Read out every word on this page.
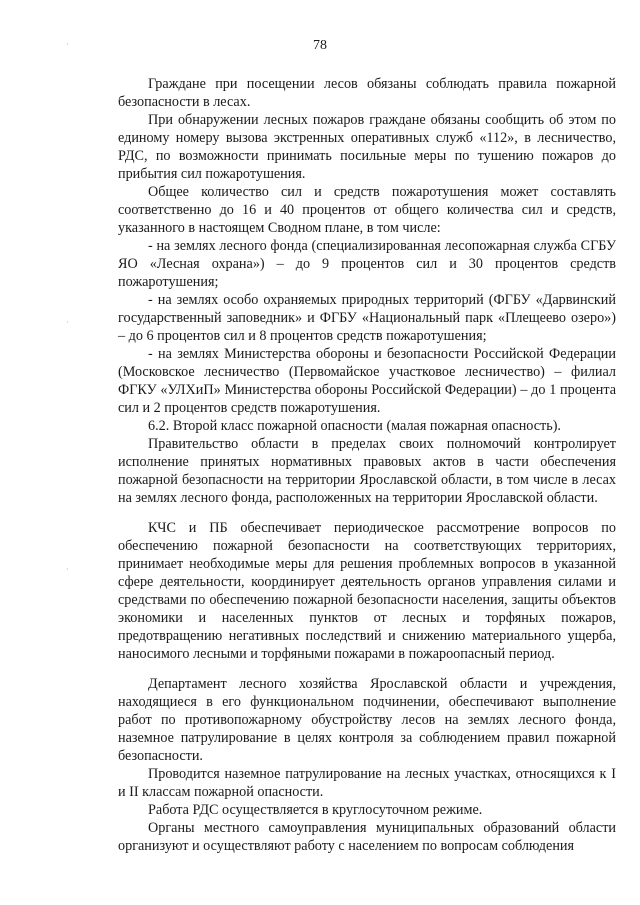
·
·
·
78

Граждане при посещении лесов обязаны соблюдать правила пожарной безопасности в лесах.

При обнаружении лесных пожаров граждане обязаны сообщить об этом по единому номеру вызова экстренных оперативных служб «112», в лесничество, РДС, по возможности принимать посильные меры по тушению пожаров до прибытия сил пожаротушения.

Общее количество сил и средств пожаротушения может составлять соответственно до 16 и 40 процентов от общего количества сил и средств, указанного в настоящем Сводном плане, в том числе:

- на землях лесного фонда (специализированная лесопожарная служба СГБУ ЯО «Лесная охрана») – до 9 процентов сил и 30 процентов средств пожаротушения;

- на землях особо охраняемых природных территорий (ФГБУ «Дарвинский государственный заповедник» и ФГБУ «Национальный парк «Плещеево озеро») – до 6 процентов сил и 8 процентов средств пожаротушения;

- на землях Министерства обороны и безопасности Российской Федерации (Московское лесничество (Первомайское участковое лесничество) – филиал ФГКУ «УЛХиП» Министерства обороны Российской Федерации) – до 1 процента сил и 2 процентов средств пожаротушения.

6.2. Второй класс пожарной опасности (малая пожарная опасность).

Правительство области в пределах своих полномочий контролирует исполнение принятых нормативных правовых актов в части обеспечения пожарной безопасности на территории Ярославской области, в том числе в лесах на землях лесного фонда, расположенных на территории Ярославской области.

КЧС и ПБ обеспечивает периодическое рассмотрение вопросов по обеспечению пожарной безопасности на соответствующих территориях, принимает необходимые меры для решения проблемных вопросов в указанной сфере деятельности, координирует деятельность органов управления силами и средствами по обеспечению пожарной безопасности населения, защиты объектов экономики и населенных пунктов от лесных и торфяных пожаров, предотвращению негативных последствий и снижению материального ущерба, наносимого лесными и торфяными пожарами в пожароопасный период.

Департамент лесного хозяйства Ярославской области и учреждения, находящиеся в его функциональном подчинении, обеспечивают выполнение работ по противопожарному обустройству лесов на землях лесного фонда, наземное патрулирование в целях контроля за соблюдением правил пожарной безопасности.

Проводится наземное патрулирование на лесных участках, относящихся к I и II классам пожарной опасности.

Работа РДС осуществляется в круглосуточном режиме.

Органы местного самоуправления муниципальных образований области организуют и осуществляют работу с населением по вопросам соблюдения
